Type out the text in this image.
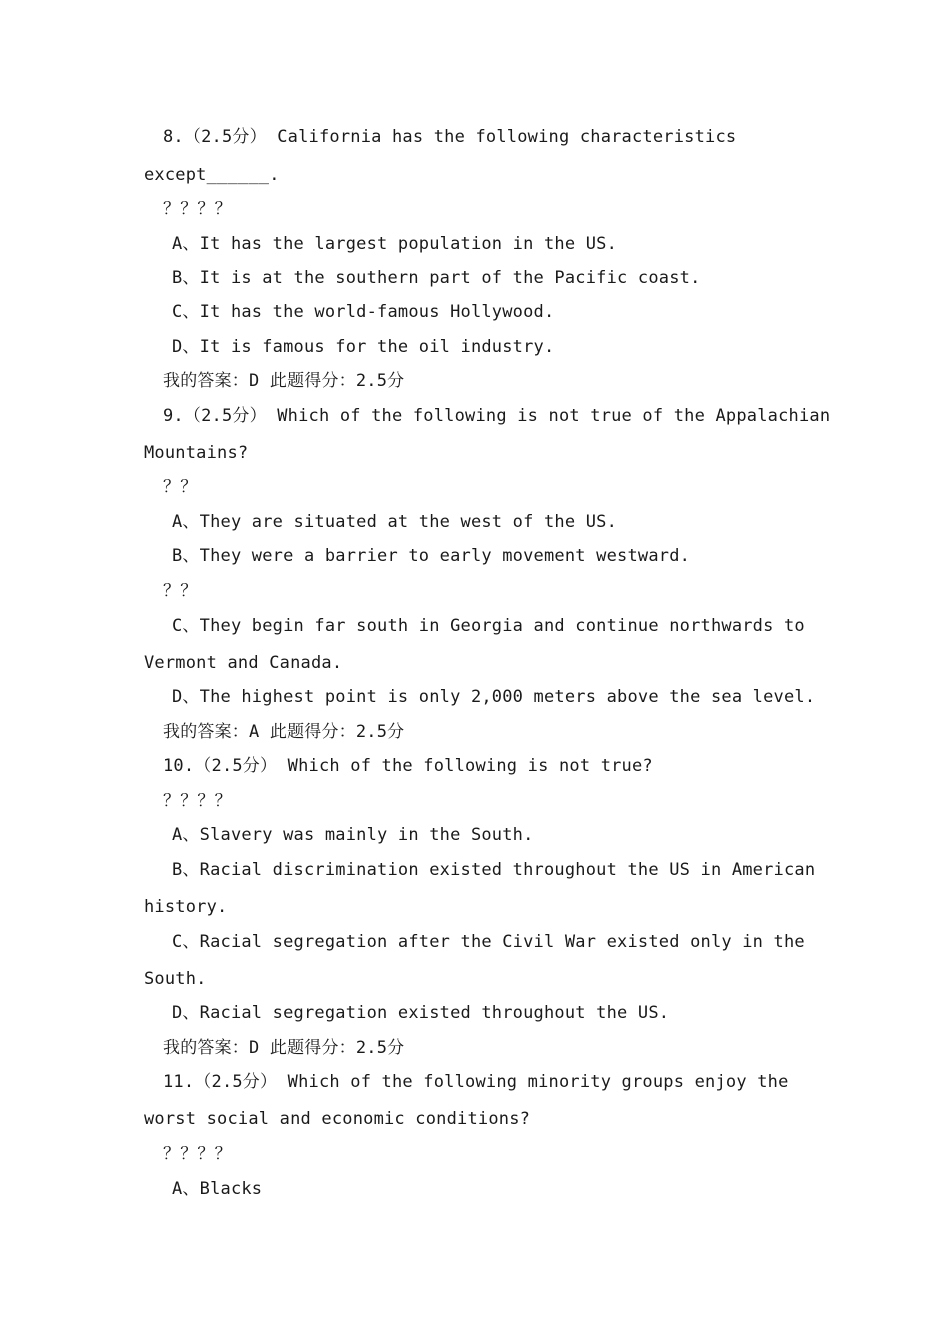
8.（2.5分） California has the following characteristics
except______.
？？？？
A、It has the largest population in the US.
B、It is at the southern part of the Pacific coast.
C、It has the world-famous Hollywood.
D、It is famous for the oil industry.
我的答案：D 此题得分：2.5分
9.（2.5分） Which of the following is not true of the Appalachian
Mountains?
？？
A、They are situated at the west of the US.
B、They were a barrier to early movement westward.
？？
C、They begin far south in Georgia and continue northwards to
Vermont and Canada.
D、The highest point is only 2,000 meters above the sea level.
我的答案：A 此题得分：2.5分
10.（2.5分） Which of the following is not true?
？？？？
A、Slavery was mainly in the South.
B、Racial discrimination existed throughout the US in American
history.
C、Racial segregation after the Civil War existed only in the
South.
D、Racial segregation existed throughout the US.
我的答案：D 此题得分：2.5分
11.（2.5分） Which of the following minority groups enjoy the
worst social and economic conditions?
？？？？
A、Blacks
